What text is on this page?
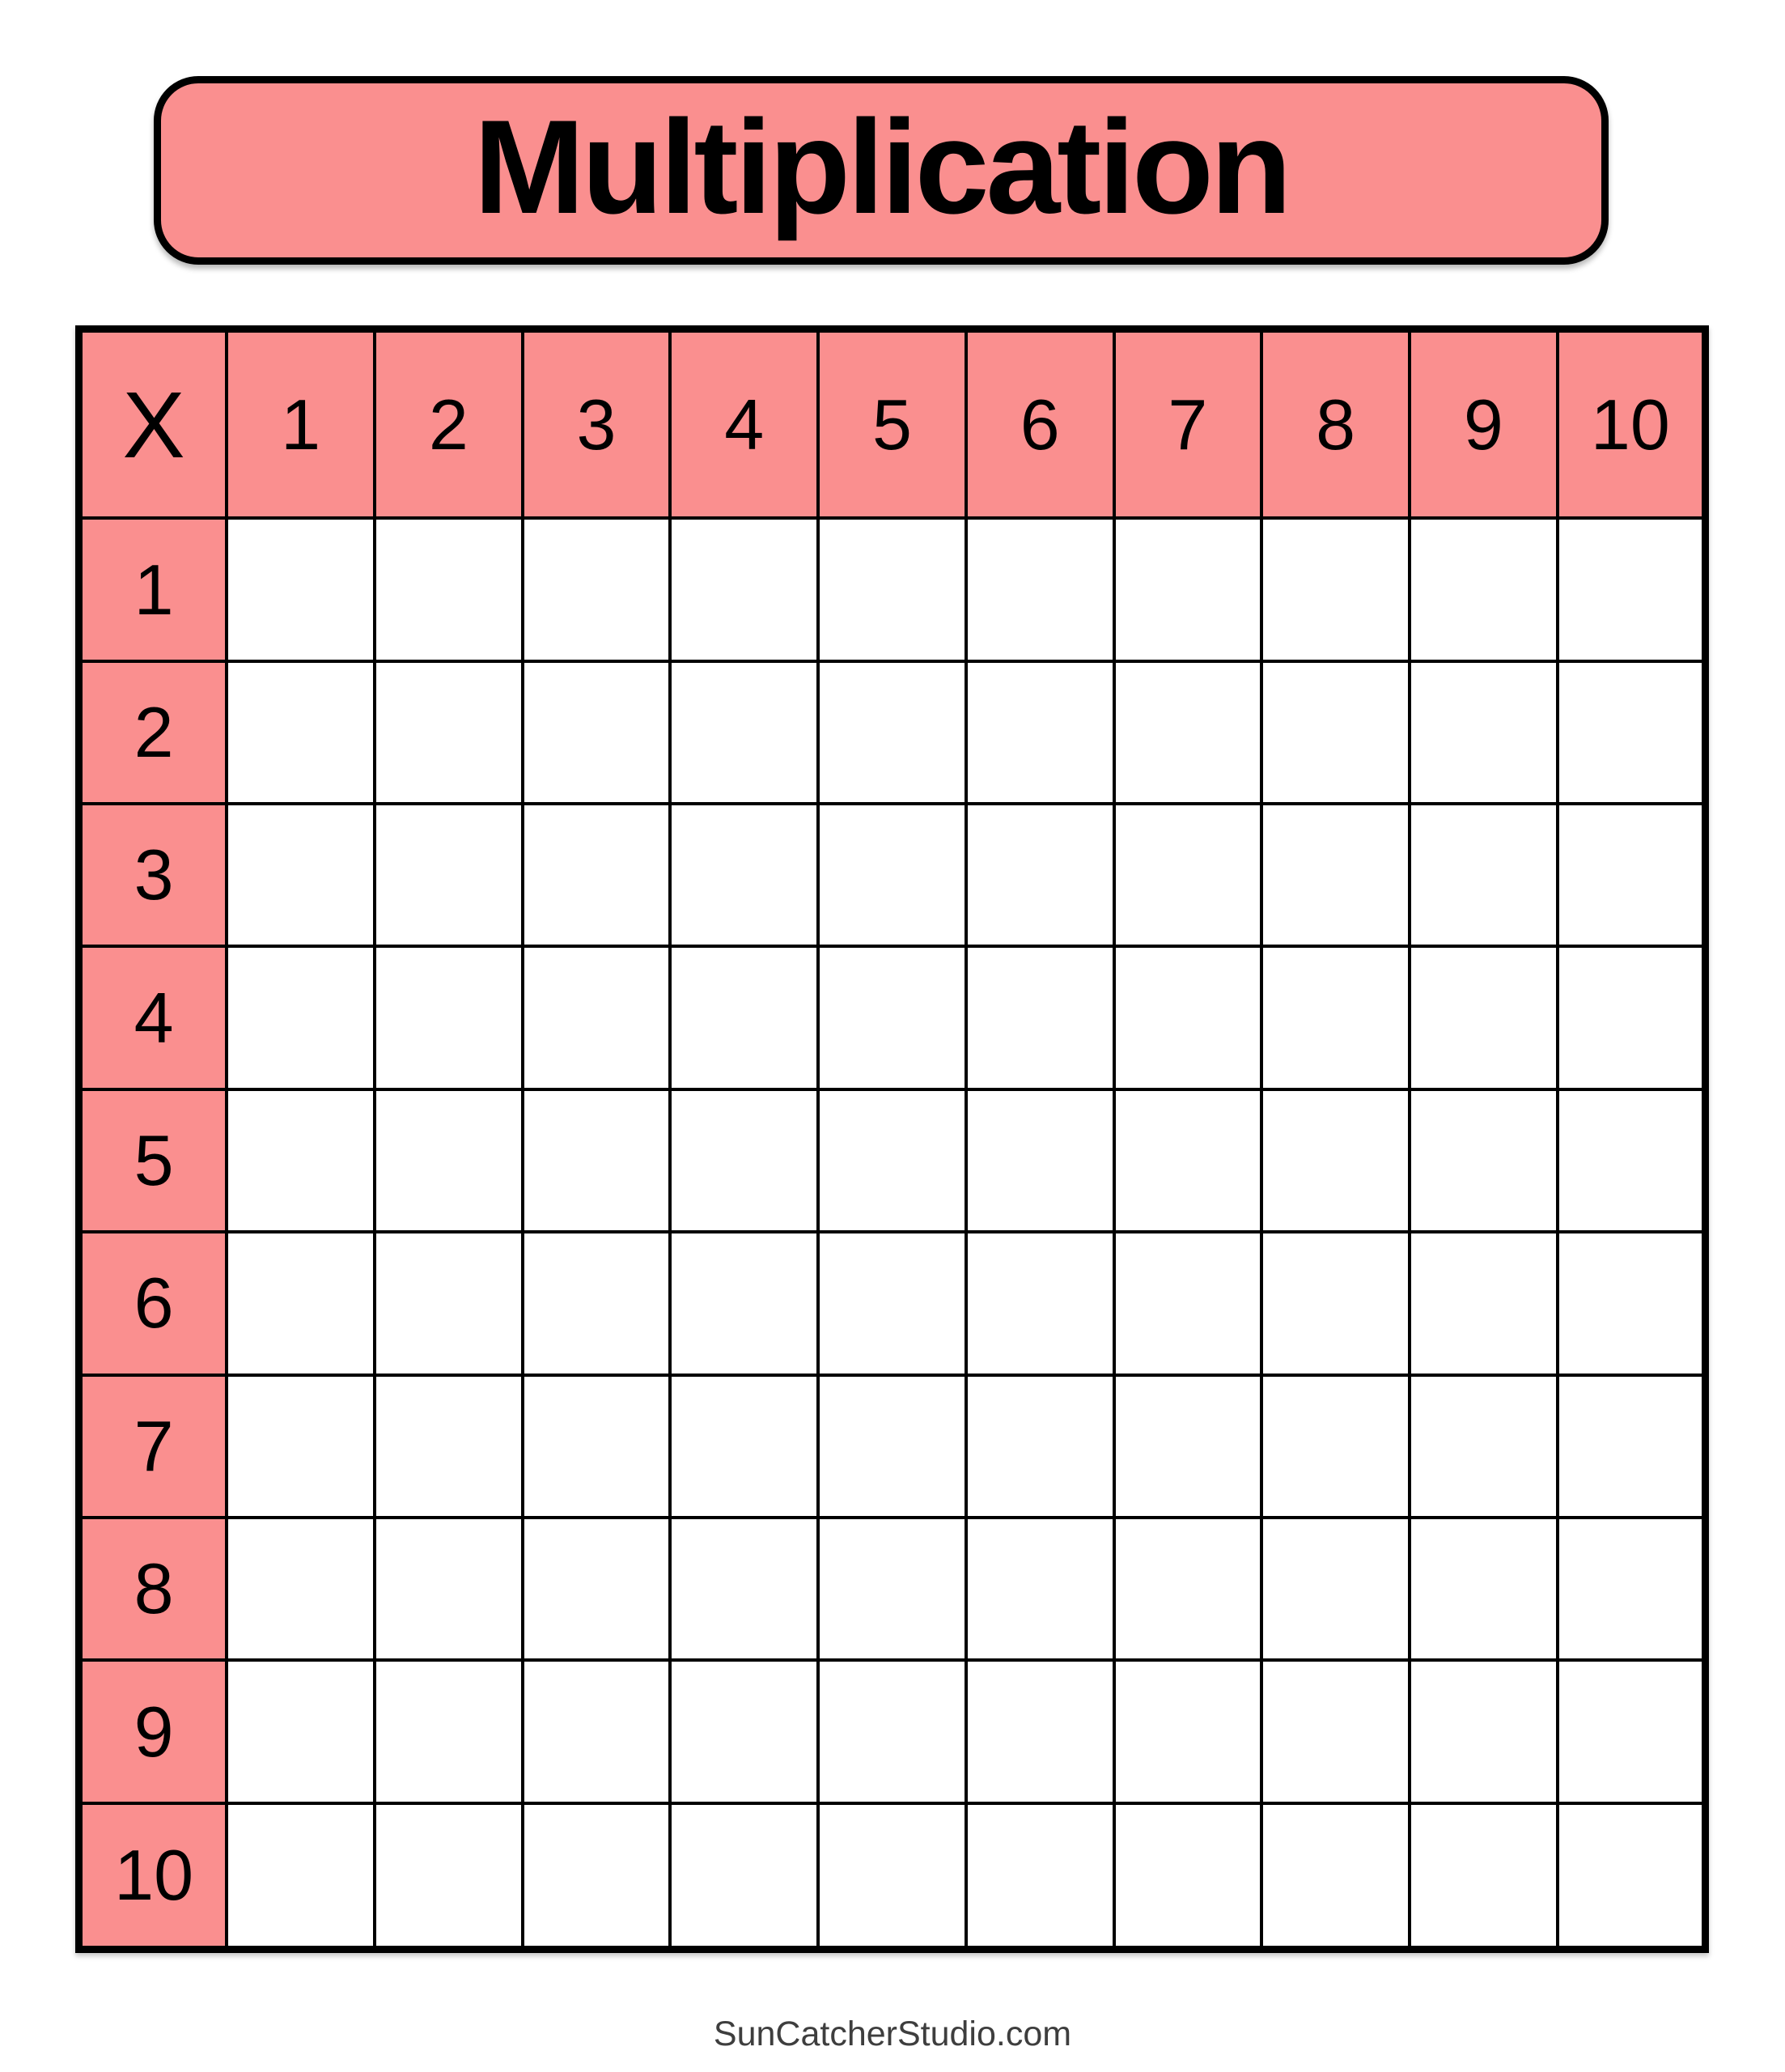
Multiplication
X	1	2	3	4	5	6	7	8	9	10
1										
2										
3										
4										
5										
6										
7										
8										
9										
10										
SunCatcherStudio.com
